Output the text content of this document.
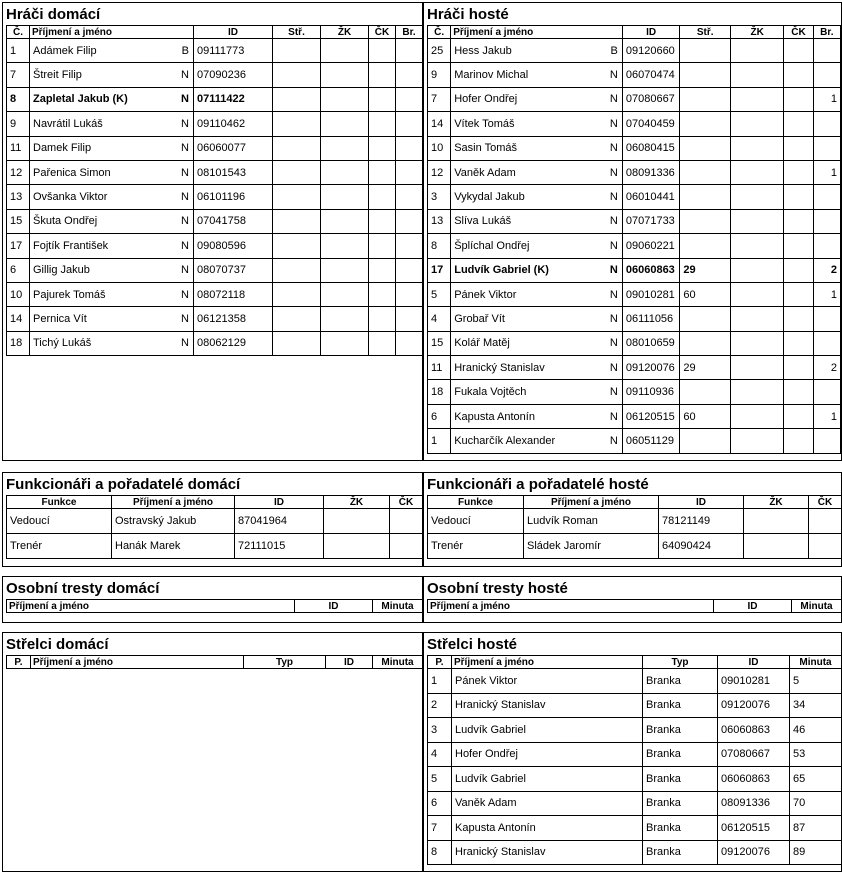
Hráči domácí
Č.	Příjmení a jméno		ID	Stř.	ŽK	ČK	Br.
1	Adámek Filip	B	09111773				
7	Štreit Filip	N	07090236				
8	Zapletal Jakub (K)	N	07111422				
9	Navrátil Lukáš	N	09110462				
11	Damek Filip	N	06060077				
12	Pařenica Simon	N	08101543				
13	Ovšanka Viktor	N	06101196				
15	Škuta Ondřej	N	07041758				
17	Fojtík František	N	09080596				
6	Gillig Jakub	N	08070737				
10	Pajurek Tomáš	N	08072118				
14	Pernica Vít	N	06121358				
18	Tichý Lukáš	N	08062129				
Hráči hosté
Č.	Příjmení a jméno		ID	Stř.	ŽK	ČK	Br.
25	Hess Jakub	B	09120660				
9	Marinov Michal	N	06070474				
7	Hofer Ondřej	N	07080667				1
14	Vítek Tomáš	N	07040459				
10	Sasin Tomáš	N	06080415				
12	Vaněk Adam	N	08091336				1
3	Vykydal Jakub	N	06010441				
13	Slíva Lukáš	N	07071733				
8	Šplíchal Ondřej	N	09060221				
17	Ludvík Gabriel (K)	N	06060863	29			2
5	Pánek Viktor	N	09010281	60			1
4	Grobař Vít	N	06111056				
15	Kolář Matěj	N	08010659				
11	Hranický Stanislav	N	09120076	29			2
18	Fukala Vojtěch	N	09110936				
6	Kapusta Antonín	N	06120515	60			1
1	Kucharčík Alexander	N	06051129				
Funkcionáři a pořadatelé domácí
Funkce	Příjmení a jméno	ID	ŽK	ČK
Vedoucí	Ostravský Jakub	87041964		
Trenér	Hanák Marek	72111015		
Funkcionáři a pořadatelé hosté
Funkce	Příjmení a jméno	ID	ŽK	ČK
Vedoucí	Ludvík Roman	78121149		
Trenér	Sládek Jaromír	64090424		
Osobní tresty domácí
Příjmení a jméno	ID	Minuta
Osobní tresty hosté
Příjmení a jméno	ID	Minuta
Střelci domácí
P.	Příjmení a jméno	Typ	ID	Minuta
Střelci hosté
P.	Příjmení a jméno	Typ	ID	Minuta
1	Pánek Viktor	Branka	09010281	5
2	Hranický Stanislav	Branka	09120076	34
3	Ludvík Gabriel	Branka	06060863	46
4	Hofer Ondřej	Branka	07080667	53
5	Ludvík Gabriel	Branka	06060863	65
6	Vaněk Adam	Branka	08091336	70
7	Kapusta Antonín	Branka	06120515	87
8	Hranický Stanislav	Branka	09120076	89
